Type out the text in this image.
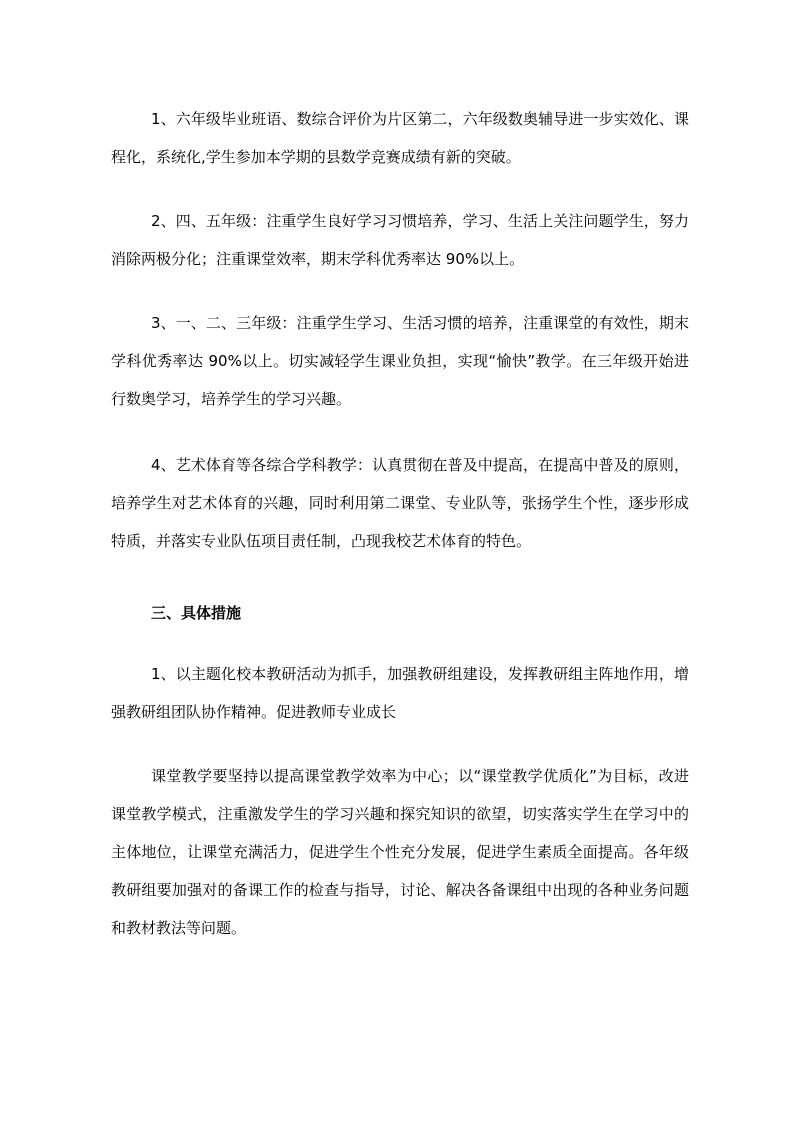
1、六年级毕业班语、数综合评价为片区第二，六年级数奥辅导进一步实效化、课程化，系统化,学生参加本学期的县数学竞赛成绩有新的突破。

2、四、五年级：注重学生良好学习习惯培养，学习、生活上关注问题学生，努力消除两极分化；注重课堂效率，期末学科优秀率达 90%以上。

3、一、二、三年级：注重学生学习、生活习惯的培养，注重课堂的有效性，期末学科优秀率达 90%以上。切实减轻学生课业负担，实现“愉快”教学。在三年级开始进行数奥学习，培养学生的学习兴趣。

4、艺术体育等各综合学科教学：认真贯彻在普及中提高，在提高中普及的原则，培养学生对艺术体育的兴趣，同时利用第二课堂、专业队等，张扬学生个性，逐步形成特质，并落实专业队伍项目责任制，凸现我校艺术体育的特色。

三、具体措施

1、以主题化校本教研活动为抓手，加强教研组建设，发挥教研组主阵地作用，增强教研组团队协作精神。促进教师专业成长

课堂教学要坚持以提高课堂教学效率为中心；以“课堂教学优质化”为目标，改进课堂教学模式，注重激发学生的学习兴趣和探究知识的欲望，切实落实学生在学习中的主体地位，让课堂充满活力，促进学生个性充分发展，促进学生素质全面提高。各年级教研组要加强对的备课工作的检查与指导，讨论、解决各备课组中出现的各种业务问题和教材教法等问题。
